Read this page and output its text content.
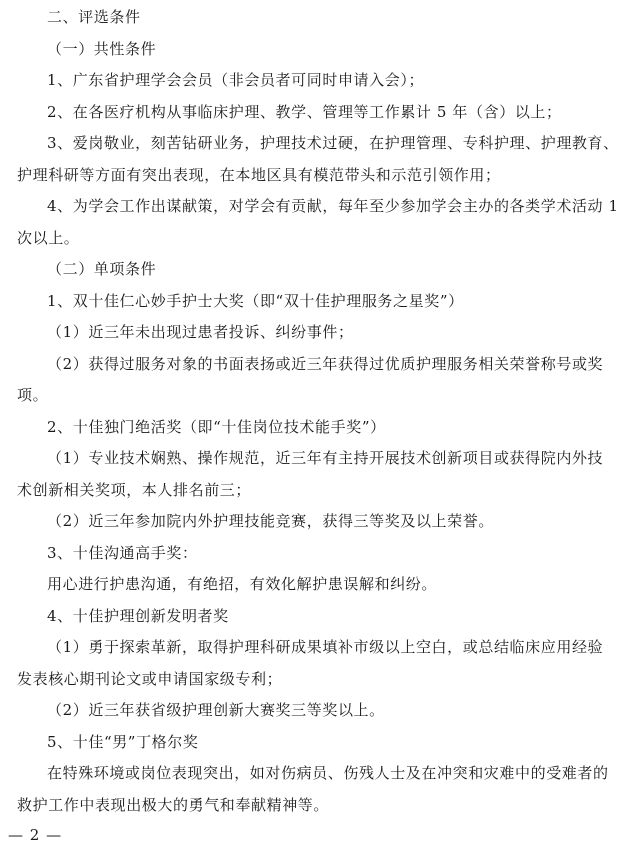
二、评选条件
（一）共性条件
1、广东省护理学会会员（非会员者可同时申请入会）；
2、在各医疗机构从事临床护理、教学、管理等工作累计 5 年（含）以上；
3、爱岗敬业，刻苦钻研业务，护理技术过硬，在护理管理、专科护理、护理教育、
护理科研等方面有突出表现，在本地区具有模范带头和示范引领作用；
4、为学会工作出谋献策，对学会有贡献，每年至少参加学会主办的各类学术活动 1
次以上。
（二）单项条件
1、双十佳仁心妙手护士大奖（即“双十佳护理服务之星奖”）
（1）近三年未出现过患者投诉、纠纷事件；
（2）获得过服务对象的书面表扬或近三年获得过优质护理服务相关荣誉称号或奖
项。
2、十佳独门绝活奖（即“十佳岗位技术能手奖”）
（1）专业技术娴熟、操作规范，近三年有主持开展技术创新项目或获得院内外技
术创新相关奖项，本人排名前三；
（2）近三年参加院内外护理技能竞赛，获得三等奖及以上荣誉。
3、十佳沟通高手奖：
用心进行护患沟通，有绝招，有效化解护患误解和纠纷。
4、十佳护理创新发明者奖
（1）勇于探索革新，取得护理科研成果填补市级以上空白，或总结临床应用经验
发表核心期刊论文或申请国家级专利；
（2）近三年获省级护理创新大赛奖三等奖以上。
5、十佳“男”丁格尔奖
在特殊环境或岗位表现突出，如对伤病员、伤残人士及在冲突和灾难中的受难者的
救护工作中表现出极大的勇气和奉献精神等。
— 2 —
